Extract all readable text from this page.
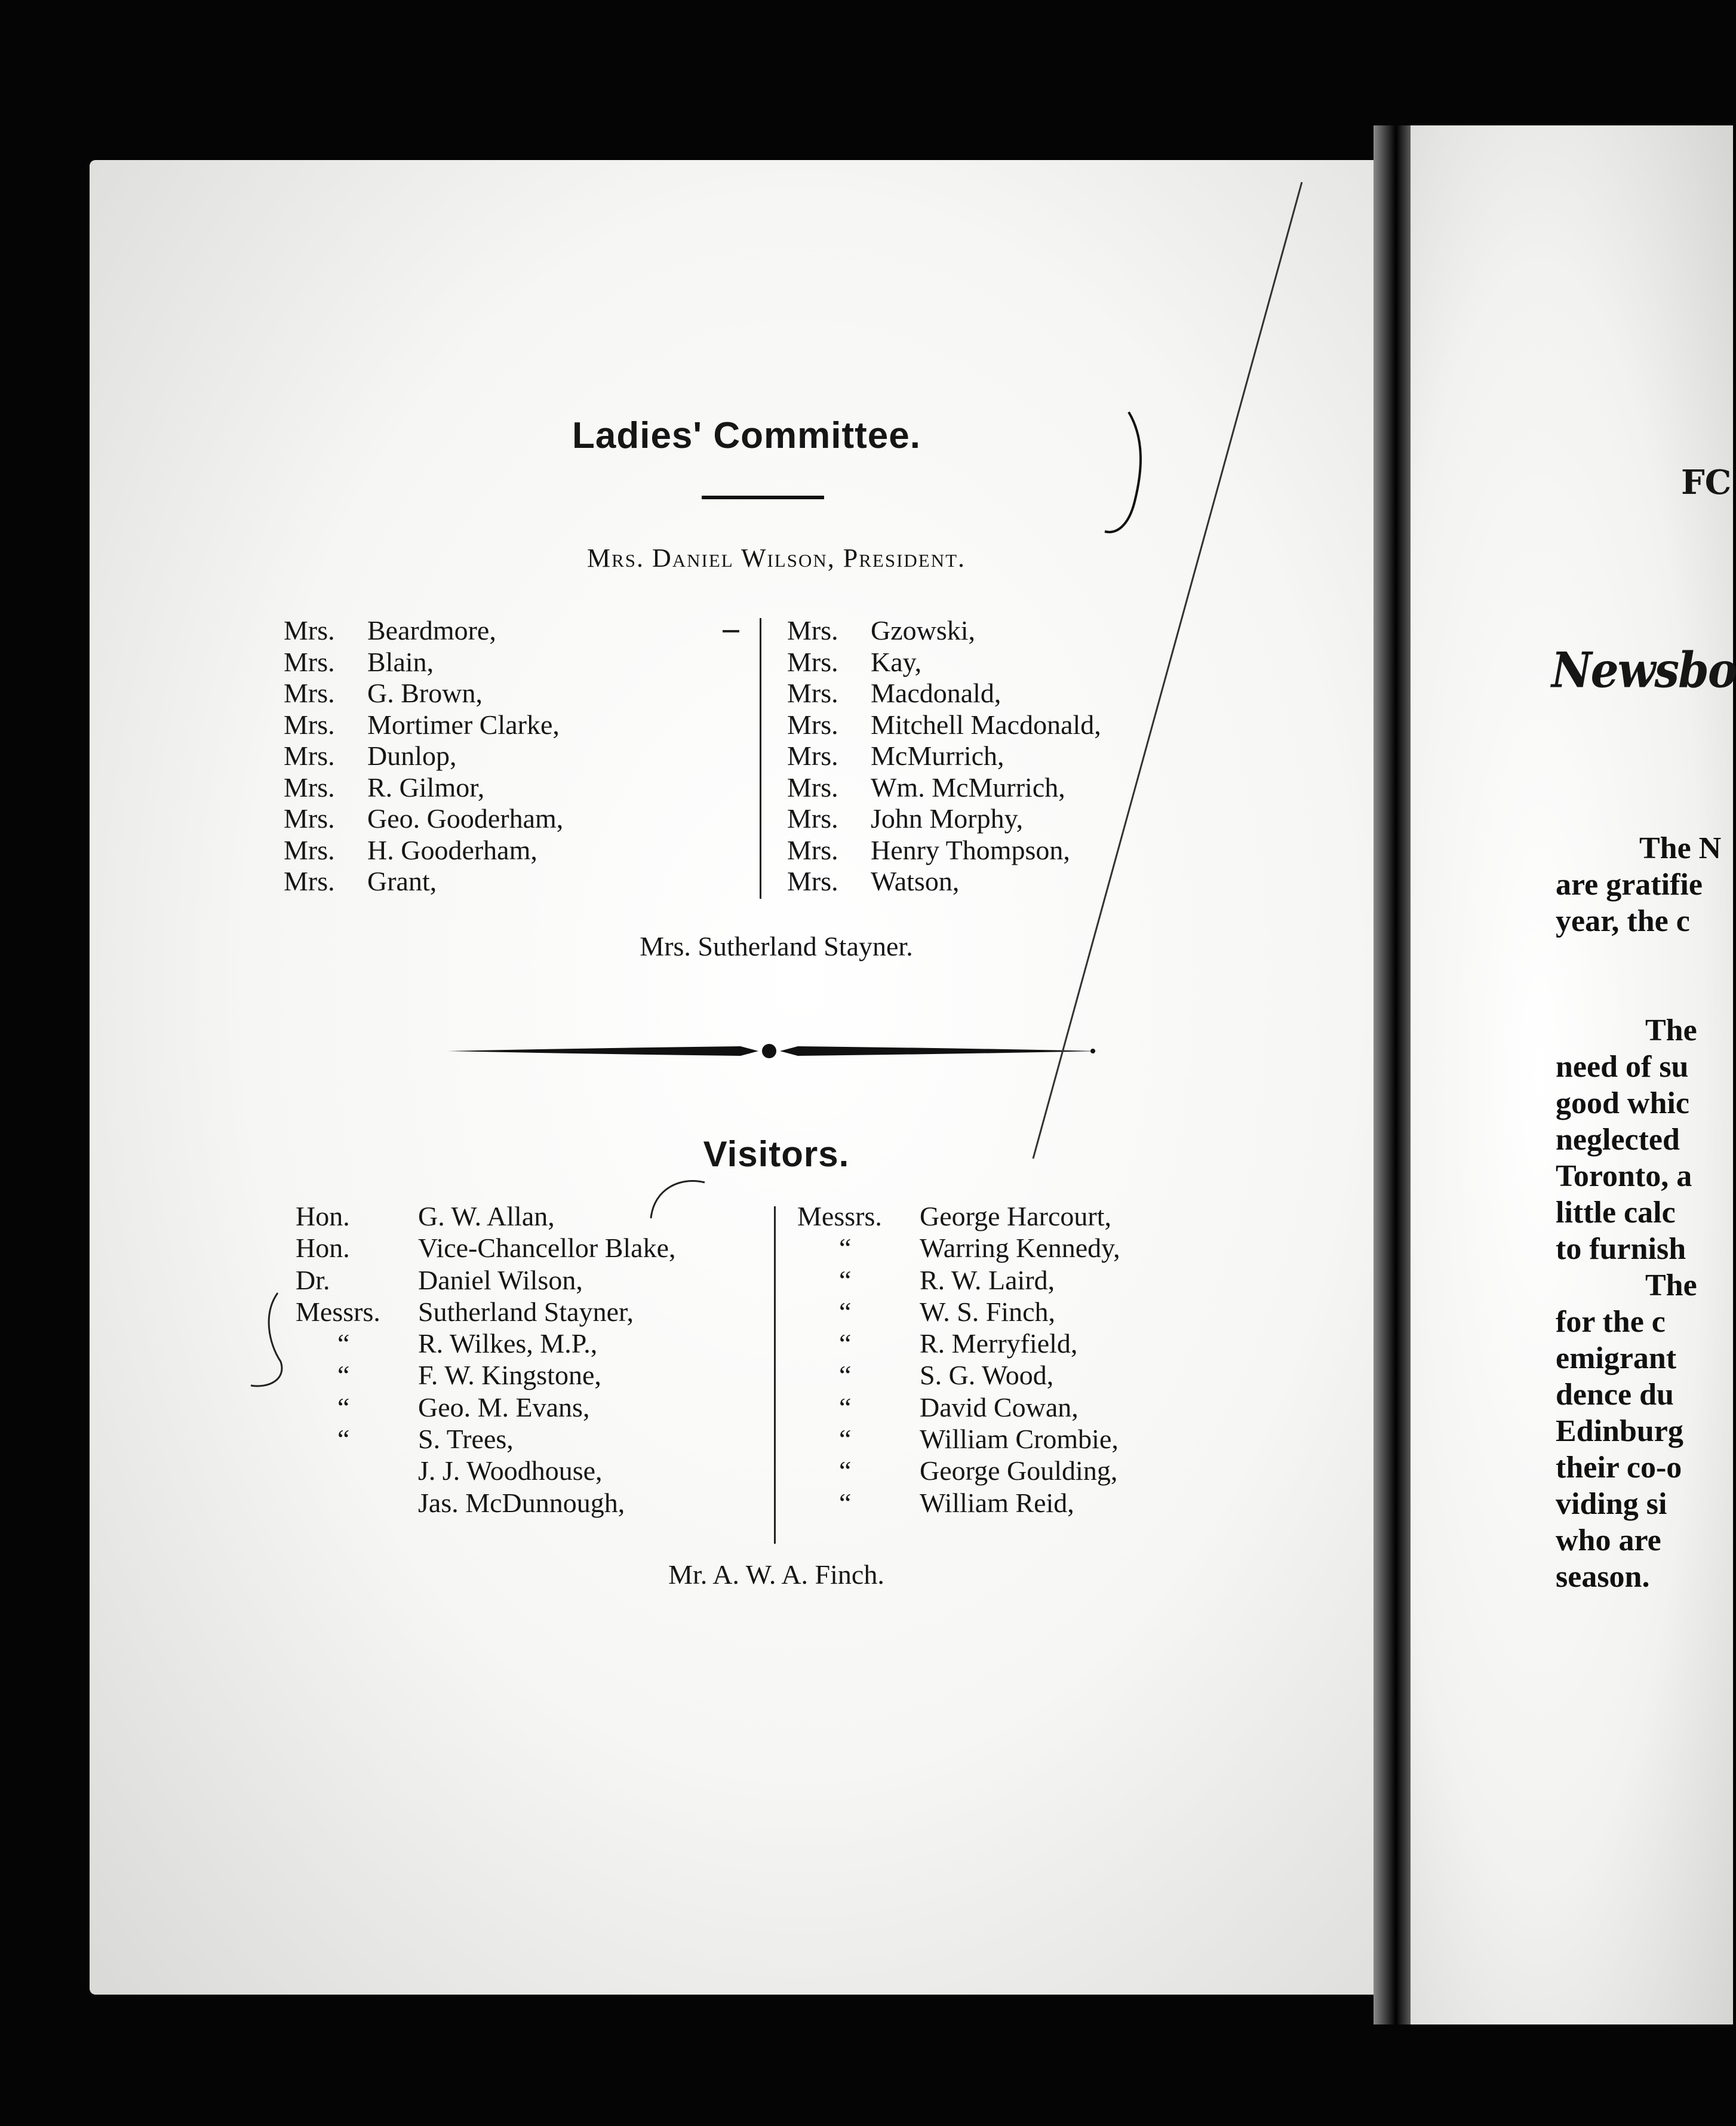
Ladies' Committee.
Mrs. Daniel Wilson, President.
Mrs. Beardmore,
Mrs. Blain,
Mrs. G. Brown,
Mrs. Mortimer Clarke,
Mrs. Dunlop,
Mrs. R. Gilmor,
Mrs. Geo. Gooderham,
Mrs. H. Gooderham,
Mrs. Grant,
Mrs. Gzowski,
Mrs. Kay,
Mrs. Macdonald,
Mrs. Mitchell Macdonald,
Mrs. McMurrich,
Mrs. Wm. McMurrich,
Mrs. John Morphy,
Mrs. Henry Thompson,
Mrs. Watson,
Mrs. Sutherland Stayner.
Visitors.
Hon. G. W. Allan,
Hon. Vice-Chancellor Blake,
Dr.	Daniel Wilson,
Messrs. Sutherland Stayner,
“ R. Wilkes, M.P.,
“ F. W. Kingstone,
“ Geo. M. Evans,
“ S. Trees,
J. J. Woodhouse,
Jas. McDunnough,
Messrs. George Harcourt,
“ Warring Kennedy,
“ R. W. Laird,
“ W. S. Finch,
“ R. Merryfield,
“ S. G. Wood,
“ David Cowan,
“ William Crombie,
“ George Goulding,
“ William Reid,
Mr. A. W. A. Finch.
FC
Newsbo
The N
are gratifie
year, the c
The
need of su
good whic
neglected
Toronto, a
little calc
to furnish
The
for the c
emigrant
dence du
Edinburg
their co-o
viding si
who are
season.
